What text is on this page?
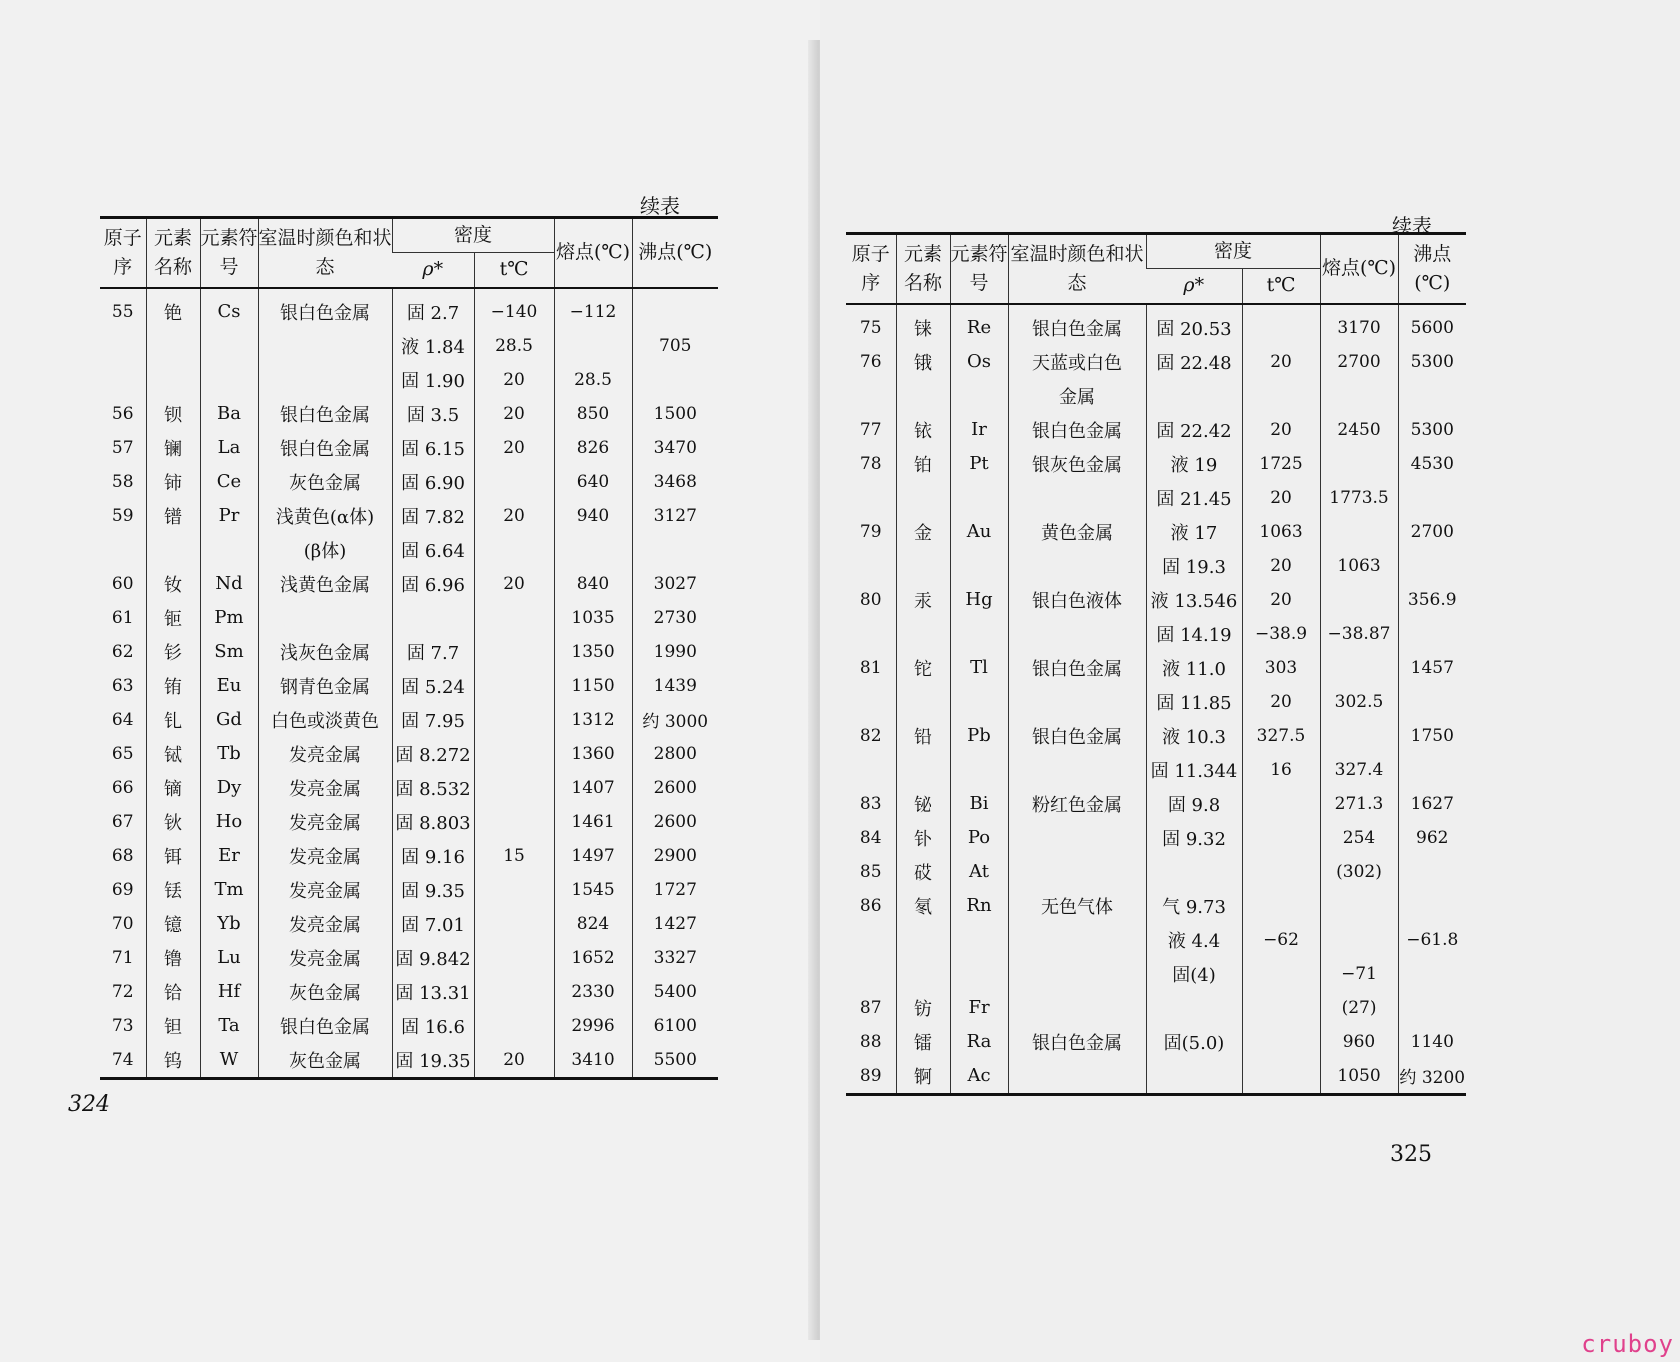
续表
原子序	元素名称	元素符号	室温时颜色和状态	密度		熔点(℃)	沸点(℃)
				ρ*	t℃		
55	铯	Cs	银白色金属	固 2.7	−140	−112	
				液 1.84	28.5		705
				固 1.90	20	28.5	
56	钡	Ba	银白色金属	固 3.5	20	850	1500
57	镧	La	银白色金属	固 6.15	20	826	3470
58	铈	Ce	灰色金属	固 6.90		640	3468
59	镨	Pr	浅黄色(α体)	固 7.82	20	940	3127
			(β体)	固 6.64			
60	钕	Nd	浅黄色金属	固 6.96	20	840	3027
61	钷	Pm				1035	2730
62	钐	Sm	浅灰色金属	固 7.7		1350	1990
63	铕	Eu	钢青色金属	固 5.24		1150	1439
64	钆	Gd	白色或淡黄色	固 7.95		1312	约 3000
65	铽	Tb	发亮金属	固 8.272		1360	2800
66	镝	Dy	发亮金属	固 8.532		1407	2600
67	钬	Ho	发亮金属	固 8.803		1461	2600
68	铒	Er	发亮金属	固 9.16	15	1497	2900
69	铥	Tm	发亮金属	固 9.35		1545	1727
70	镱	Yb	发亮金属	固 7.01		824	1427
71	镥	Lu	发亮金属	固 9.842		1652	3327
72	铪	Hf	灰色金属	固 13.31		2330	5400
73	钽	Ta	银白色金属	固 16.6		2996	6100
74	钨	W	灰色金属	固 19.35	20	3410	5500
324
续表
原子序	元素名称	元素符号	室温时颜色和状态	密度		熔点(℃)	沸点(℃)
				ρ*	t℃		
75	铼	Re	银白色金属	固 20.53		3170	5600
76	锇	Os	天蓝或白色	固 22.48	20	2700	5300
			金属				
77	铱	Ir	银白色金属	固 22.42	20	2450	5300
78	铂	Pt	银灰色金属	液 19	1725		4530
				固 21.45	20	1773.5	
79	金	Au	黄色金属	液 17	1063		2700
				固 19.3	20	1063	
80	汞	Hg	银白色液体	液 13.546	20		356.9
				固 14.19	−38.9	−38.87	
81	铊	Tl	银白色金属	液 11.0	303		1457
				固 11.85	20	302.5	
82	铅	Pb	银白色金属	液 10.3	327.5		1750
				固 11.344	16	327.4	
83	铋	Bi	粉红色金属	固 9.8		271.3	1627
84	钋	Po		固 9.32		254	962
85	砹	At				(302)	
86	氡	Rn	无色气体	气 9.73			
				液 4.4	−62		−61.8
				固(4)		−71	
87	钫	Fr				(27)	
88	镭	Ra	银白色金属	固(5.0)		960	1140
89	锕	Ac				1050	约 3200
325
cruboy
